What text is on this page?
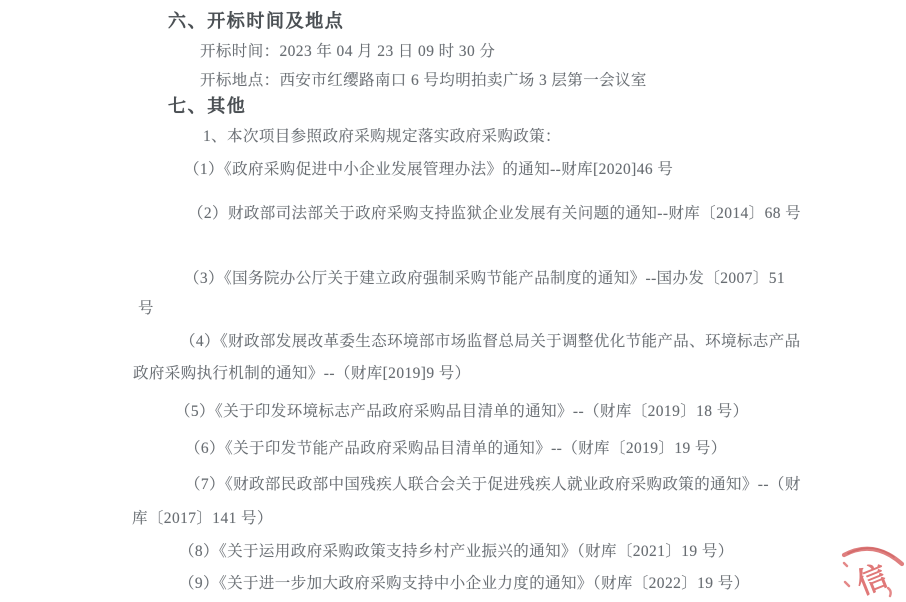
六、开标时间及地点
开标时间：2023 年 04 月 23 日 09 时 30 分
开标地点：西安市红缨路南口 6 号均明拍卖广场 3 层第一会议室
七、其他
1、本次项目参照政府采购规定落实政府采购政策：
（1）《政府采购促进中小企业发展管理办法》的通知--财库[2020]46 号
（2）财政部司法部关于政府采购支持监狱企业发展有关问题的通知--财库〔2014〕68 号
（3）《国务院办公厅关于建立政府强制采购节能产品制度的通知》--国办发〔2007〕51
号
（4）《财政部发展改革委生态环境部市场监督总局关于调整优化节能产品、环境标志产品
政府采购执行机制的通知》--（财库[2019]9 号）
（5）《关于印发环境标志产品政府采购品目清单的通知》--（财库〔2019〕18 号）
（6）《关于印发节能产品政府采购品目清单的通知》--（财库〔2019〕19 号）
（7）《财政部民政部中国残疾人联合会关于促进残疾人就业政府采购政策的通知》--（财
库〔2017〕141 号）
（8）《关于运用政府采购政策支持乡村产业振兴的通知》（财库〔2021〕19 号）
（9）《关于进一步加大政府采购支持中小企业力度的通知》（财库〔2022〕19 号）	信
